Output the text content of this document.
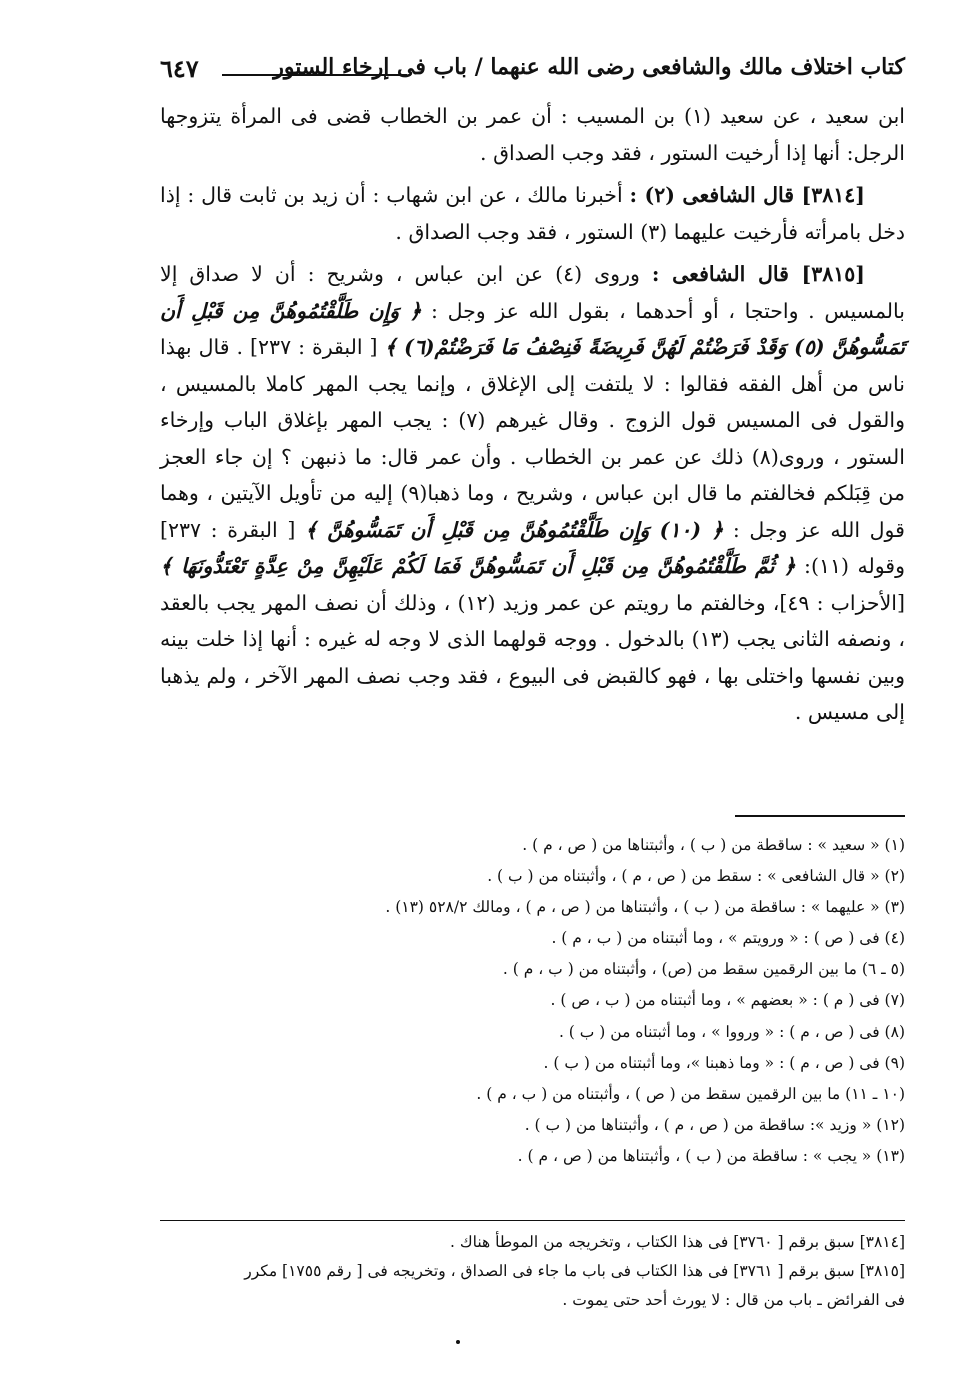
كتاب اختلاف مالك والشافعى رضى الله عنهما / باب فى إرخاء الستور
٦٤٧

ابن سعيد ، عن سعيد (١) بن المسيب : أن عمر بن الخطاب قضى فى المرأة يتزوجها الرجل: أنها إذا أرخيت الستور ، فقد وجب الصداق .

[٣٨١٤] قال الشافعى (٢) : أخبرنا مالك ، عن ابن شهاب : أن زيد بن ثابت قال : إذا دخل بامرأته فأرخيت عليهما (٣) الستور ، فقد وجب الصداق .

[٣٨١٥] قال الشافعى : وروى (٤) عن ابن عباس ، وشريح : أن لا صداق إلا بالمسيس . واحتجا ، أو أحدهما ، بقول الله عز وجل : ﴿ وَإِن طَلَّقْتُمُوهُنَّ مِن قَبْلِ أَن تَمَسُّوهُنَّ (٥) وَقَدْ فَرَضْتُمْ لَهُنَّ فَرِيضَةً فَنِصْفُ مَا فَرَضْتُمْ(٦) ﴾ [ البقرة : ٢٣٧] . قال بهذا ناس من أهل الفقه فقالوا : لا يلتفت إلى الإغلاق ، وإنما يجب المهر كاملا بالمسيس ، والقول فى المسيس قول الزوج . وقال غيرهم (٧) : يجب المهر بإغلاق الباب وإرخاء الستور ، وروى(٨) ذلك عن عمر بن الخطاب . وأن عمر قال: ما ذنبهن ؟ إن جاء العجز من قِبَلكم فخالفتم ما قال ابن عباس ، وشريح ، وما ذهبا(٩) إليه من تأويل الآيتين ، وهما قول الله عز وجل : ﴿ (١٠) وَإِن طَلَّقْتُمُوهُنَّ مِن قَبْلِ أَن تَمَسُّوهُنَّ ﴾ [ البقرة : ٢٣٧] وقوله (١١): ﴿ ثُمَّ طَلَّقْتُمُوهُنَّ مِن قَبْلِ أَن تَمَسُّوهُنَّ فَمَا لَكُمْ عَلَيْهِنَّ مِنْ عِدَّةٍ تَعْتَدُّونَهَا ﴾ [الأحزاب : ٤٩]، وخالفتم ما رويتم عن عمر وزيد (١٢) ، وذلك أن نصف المهر يجب بالعقد ، ونصفه الثانى يجب (١٣) بالدخول . ووجه قولهما الذى لا وجه له غيره : أنها إذا خلت بينه وبين نفسها واختلى بها ، فهو كالقبض فى البيوع ، فقد وجب نصف المهر الآخر ، ولم يذهبا إلى مسيس .

(١) « سعيد » : ساقطة من ( ب ) ، وأثبتناها من ( ص ، م ) .
(٢) « قال الشافعى » : سقط من ( ص ، م ) ، وأثبتناه من ( ب ) .
(٣) « عليهما » : ساقطة من ( ب ) ، وأثبتناها من ( ص ، م ) ، ومالك ٥٢٨/٢ (١٣) .
(٤) فى ( ص ) : « ورويتم » ، وما أثبتناه من ( ب ، م ) .
(٥ ـ ٦) ما بين الرقمين سقط من (ص) ، وأثبتناه من ( ب ، م ) .
(٧) فى ( م ) : « بعضهم » ، وما أثبتناه من ( ب ، ص ) .
(٨) فى ( ص ، م ) : « ورووا » ، وما أثبتناه من ( ب ) .
(٩) فى ( ص ، م ) : « وما ذهبنا »، وما أثبتناه من ( ب ) .
(١٠ ـ ١١) ما بين الرقمين سقط من ( ص ) ، وأثبتناه من ( ب ، م ) .
(١٢) « وزيد »: ساقطة من ( ص ، م ) ، وأثبتناها من ( ب ) .
(١٣) « يجب » : ساقطة من ( ب ) ، وأثبتناها من ( ص ، م ) .

[٣٨١٤] سبق برقم [ ٣٧٦٠] فى هذا الكتاب ، وتخريجه من الموطأ هناك .

[٣٨١٥] سبق برقم [ ٣٧٦١] فى هذا الكتاب فى باب ما جاء فى الصداق ، وتخريجه فى [ رقم ١٧٥٥] مكرر

فى الفرائض ـ باب من قال : لا يورث أحد حتى يموت .
